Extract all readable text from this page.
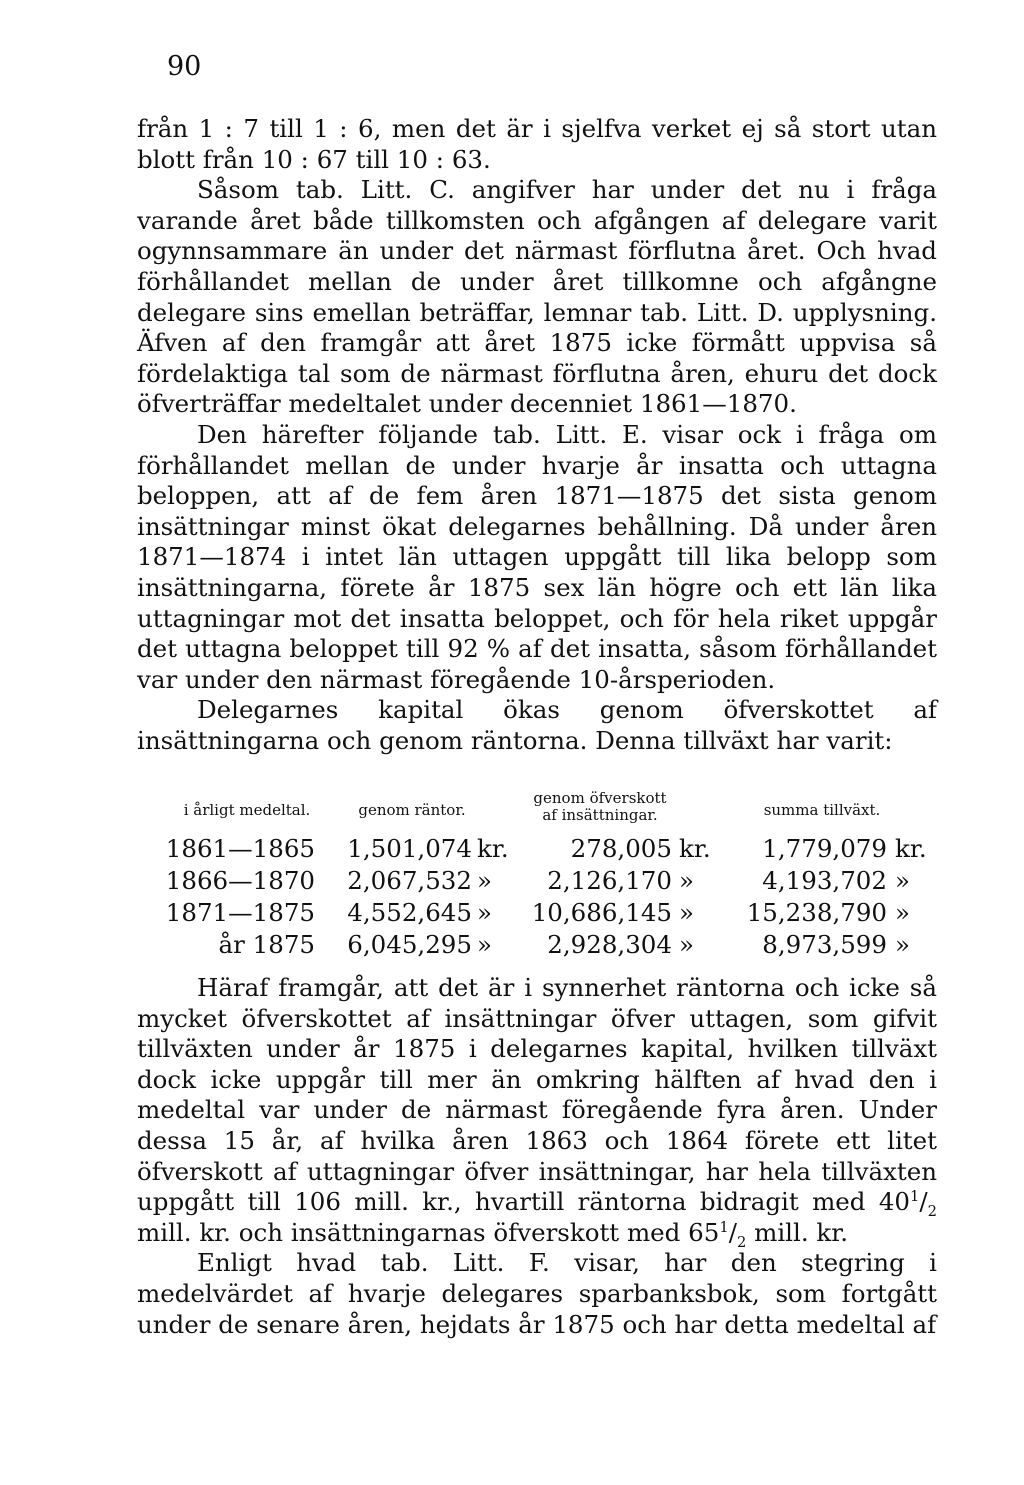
90

från 1 : 7 till 1 : 6, men det är i sjelfva verket ej så stort utan blott från 10 : 67 till 10 : 63.

Såsom tab. Litt. C. angifver har under det nu i fråga varande året både tillkomsten och afgången af delegare varit ogynnsammare än under det närmast förflutna året. Och hvad förhållandet mellan de under året tillkomne och afgångne delegare sins emellan beträffar, lemnar tab. Litt. D. upplysning. Äfven af den framgår att året 1875 icke förmått uppvisa så fördelaktiga tal som de närmast förflutna åren, ehuru det dock öfverträffar medeltalet under decenniet 1861—1870.

Den härefter följande tab. Litt. E. visar ock i fråga om förhållandet mellan de under hvarje år insatta och uttagna beloppen, att af de fem åren 1871—1875 det sista genom insättningar minst ökat delegarnes behållning. Då under åren 1871—1874 i intet län uttagen uppgått till lika belopp som insättningarna, förete år 1875 sex län högre och ett län lika uttagningar mot det insatta beloppet, och för hela riket uppgår det uttagna beloppet till 92 % af det insatta, såsom förhållandet var under den närmast föregående 10-årsperioden.

Delegarnes kapital ökas genom öfverskottet af insättningarna och genom räntorna. Denna tillväxt har varit:

i årligt medeltal.	genom räntor.
genom öfverskott
af insättningar.	summa tillväxt.
1861—1865	1,501,074 kr.	278,005 kr.	1,779,079 kr.
1866—1870	2,067,532 »	2,126,170 »	4,193,702 »
1871—1875	4,552,645 »	10,686,145 »	15,238,790 »
år 1875	6,045,295 »	2,928,304 »	8,973,599 »

Häraf framgår, att det är i synnerhet räntorna och icke så mycket öfverskottet af insättningar öfver uttagen, som gifvit tillväxten under år 1875 i delegarnes kapital, hvilken tillväxt dock icke uppgår till mer än omkring hälften af hvad den i medeltal var under de närmast föregående fyra åren. Under dessa 15 år, af hvilka åren 1863 och 1864 förete ett litet öfverskott af uttagningar öfver insättningar, har hela tillväxten uppgått till 106 mill. kr., hvartill räntorna bidragit med $40^1/_2$ mill. kr. och insättningarnas öfverskott med $65^1/_2$ mill. kr.

Enligt hvad tab. Litt. F. visar, har den stegring i medelvärdet af hvarje delegares sparbanksbok, som fortgått under de senare åren, hejdats år 1875 och har detta medeltal af
